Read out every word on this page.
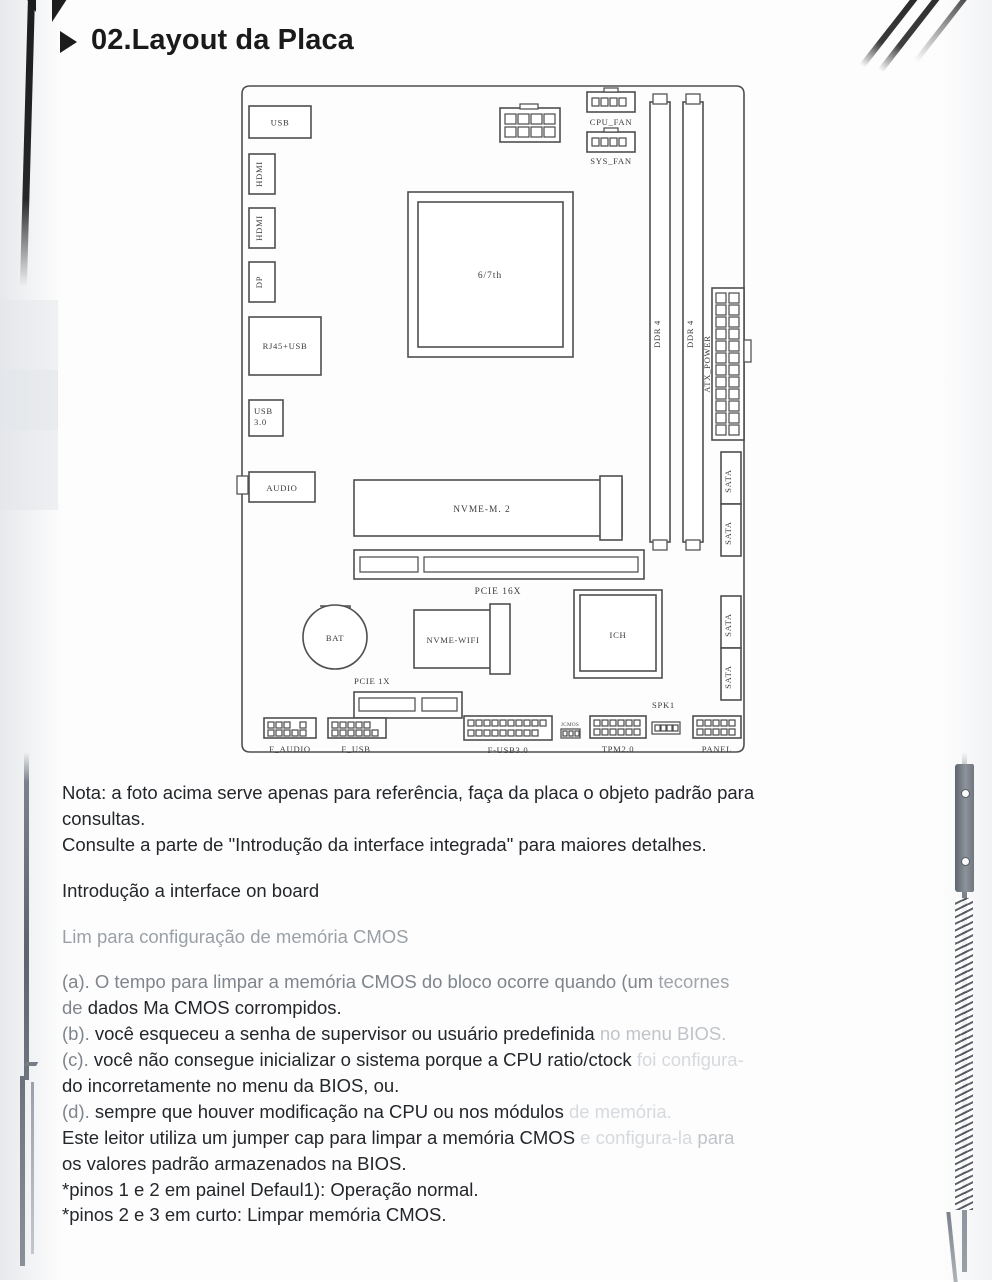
02.Layout da Placa
USB
HDMI
HDMI
DP
RJ45+USB
USB
3.0
AUDIO
CPU_FAN
SYS_FAN
6/7th
DDR 4	DDR 4
ATX_POWER
SATA
SATA
SATA
SATA
NVME-M. 2
PCIE 16X
BAT	NVME-WIFI	ICH
PCIE 1X
F_AUDIO	F_USB	F-USB3.0
JCMOS
TPM2.0
SPK1
PANEL

Nota: a foto acima serve apenas para referência, faça da placa o objeto padrão para

consultas.

Consulte a parte de "Introdução da interface integrada" para maiores detalhes.

Introdução a interface on board

Lim para configuração de memória CMOS

(a). O tempo para limpar a memória CMOS do bloco ocorre quando (um tecornes

de dados Ma CMOS corrompidos.

(b). você esqueceu a senha de supervisor ou usuário predefinida no menu BIOS.

(c). você não consegue inicializar o sistema porque a CPU ratio/ctock foi configura-

do incorretamente no menu da BIOS, ou.

(d). sempre que houver modificação na CPU ou nos módulos de memória.

Este leitor utiliza um jumper cap para limpar a memória CMOS e configura-la para

os valores padrão armazenados na BIOS.

*pinos 1 e 2 em painel Defaul1): Operação normal.

*pinos 2 e 3 em curto: Limpar memória CMOS.
